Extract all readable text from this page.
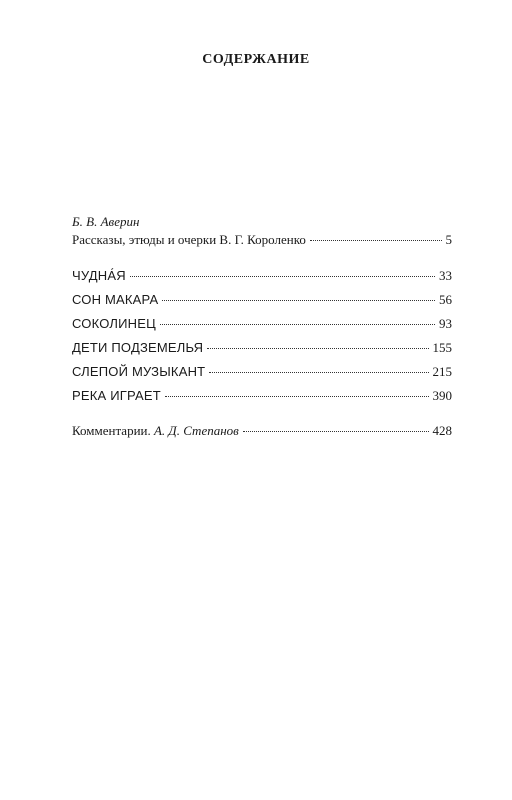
СОДЕРЖАНИЕ
Б. В. Аверин
Рассказы, этюды и очерки В. Г. Короленко	5
ЧУДНА́Я	33
СОН МАКАРА	56
СОКОЛИНЕЦ	93
ДЕТИ ПОДЗЕМЕЛЬЯ	155
СЛЕПОЙ МУЗЫКАНТ	215
РЕКА ИГРАЕТ	390
Комментарии. А. Д. Степанов	428
